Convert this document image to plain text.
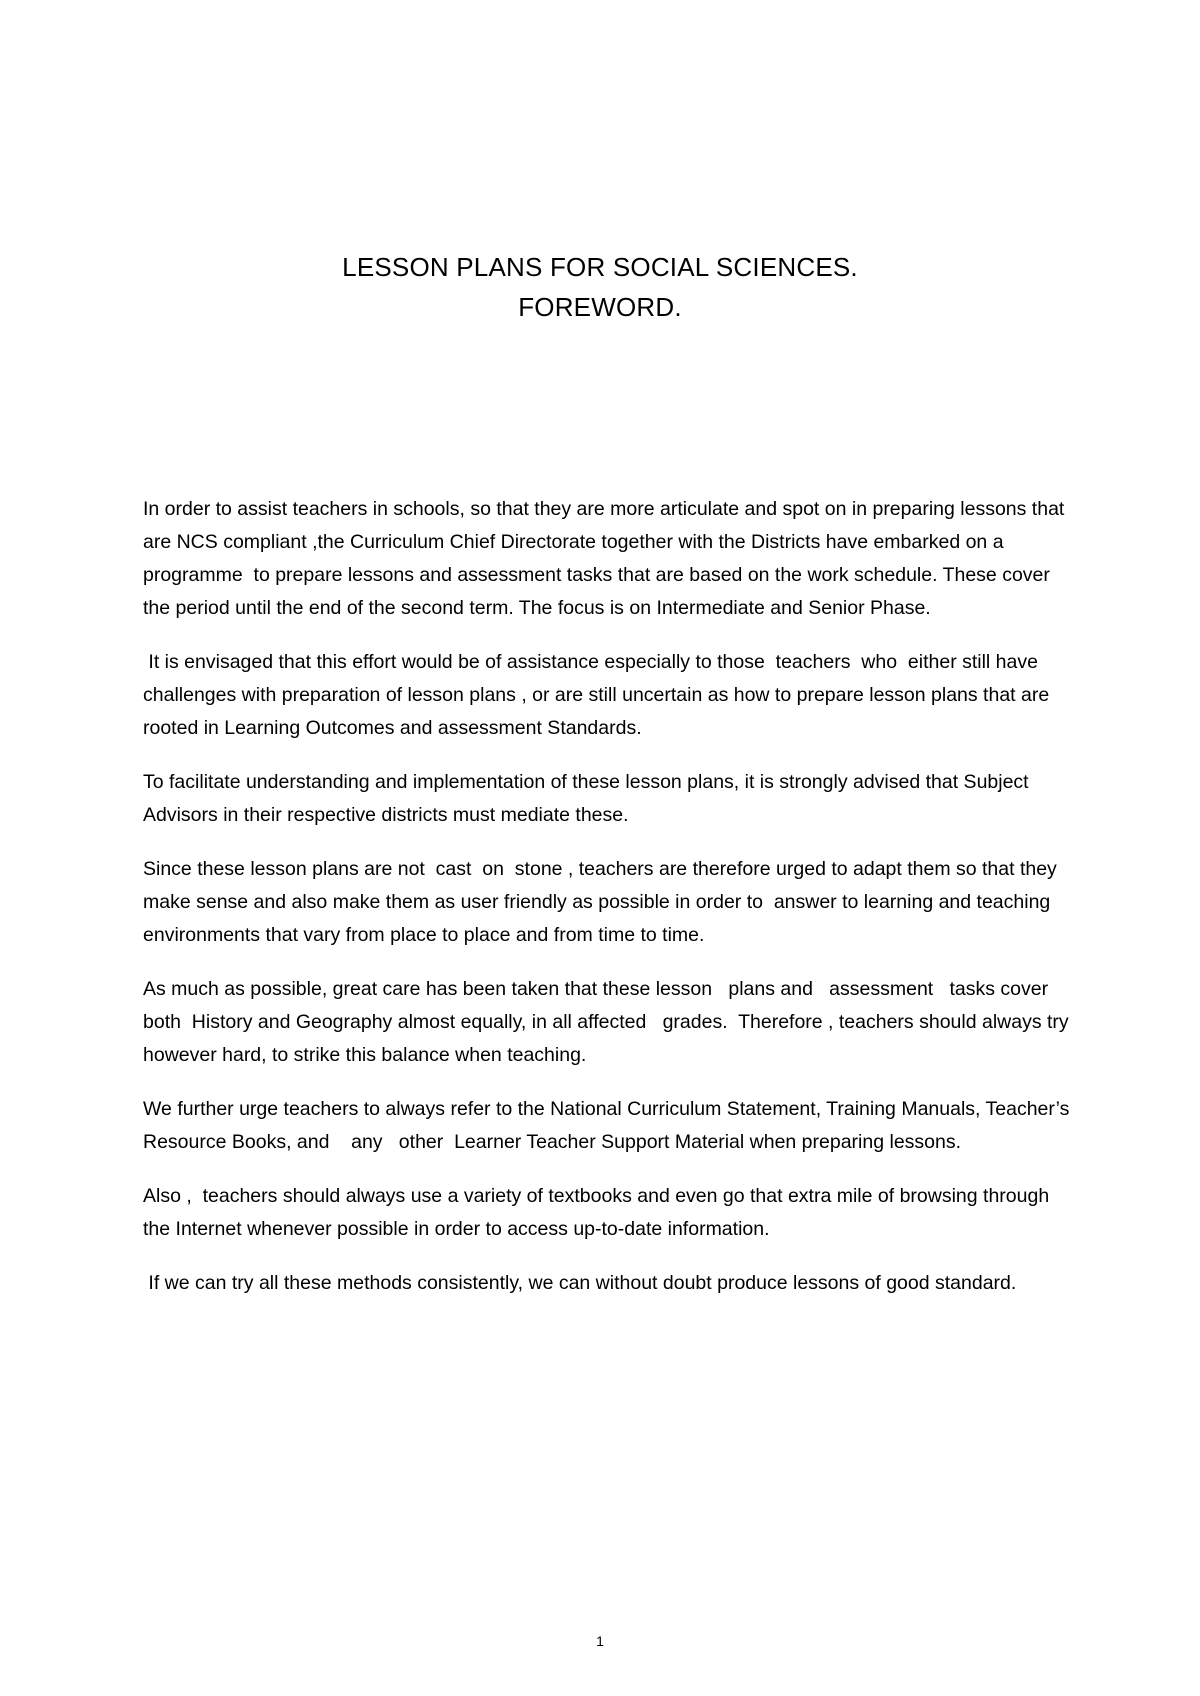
LESSON PLANS FOR SOCIAL SCIENCES.
FOREWORD.

In order to assist teachers in schools, so that they are more articulate and spot on in preparing lessons that are NCS compliant ,the Curriculum Chief Directorate together with the Districts have embarked on a  programme  to prepare lessons and assessment tasks that are based on the work schedule. These cover the period until the end of the second term. The focus is on Intermediate and Senior Phase.

It is envisaged that this effort would be of assistance especially to those  teachers  who  either still have challenges with preparation of lesson plans , or are still uncertain as how to prepare lesson plans that are rooted in Learning Outcomes and assessment Standards.

To facilitate understanding and implementation of these lesson plans, it is strongly advised that Subject Advisors in their respective districts must mediate these.

Since these lesson plans are not  cast  on  stone , teachers are therefore urged to adapt them so that they make sense and also make them as user friendly as possible in order to  answer to learning and teaching environments that vary from place to place and from time to time.

As much as possible, great care has been taken that these lesson   plans and   assessment   tasks cover   both  History and Geography almost equally, in all affected   grades.  Therefore , teachers should always try  however hard, to strike this balance when teaching.

We further urge teachers to always refer to the National Curriculum Statement, Training Manuals, Teacher’s Resource Books, and    any   other  Learner Teacher Support Material when preparing lessons.

Also ,  teachers should always use a variety of textbooks and even go that extra mile of browsing through the Internet whenever possible in order to access up-to-date information.

If we can try all these methods consistently, we can without doubt produce lessons of good standard.

1
